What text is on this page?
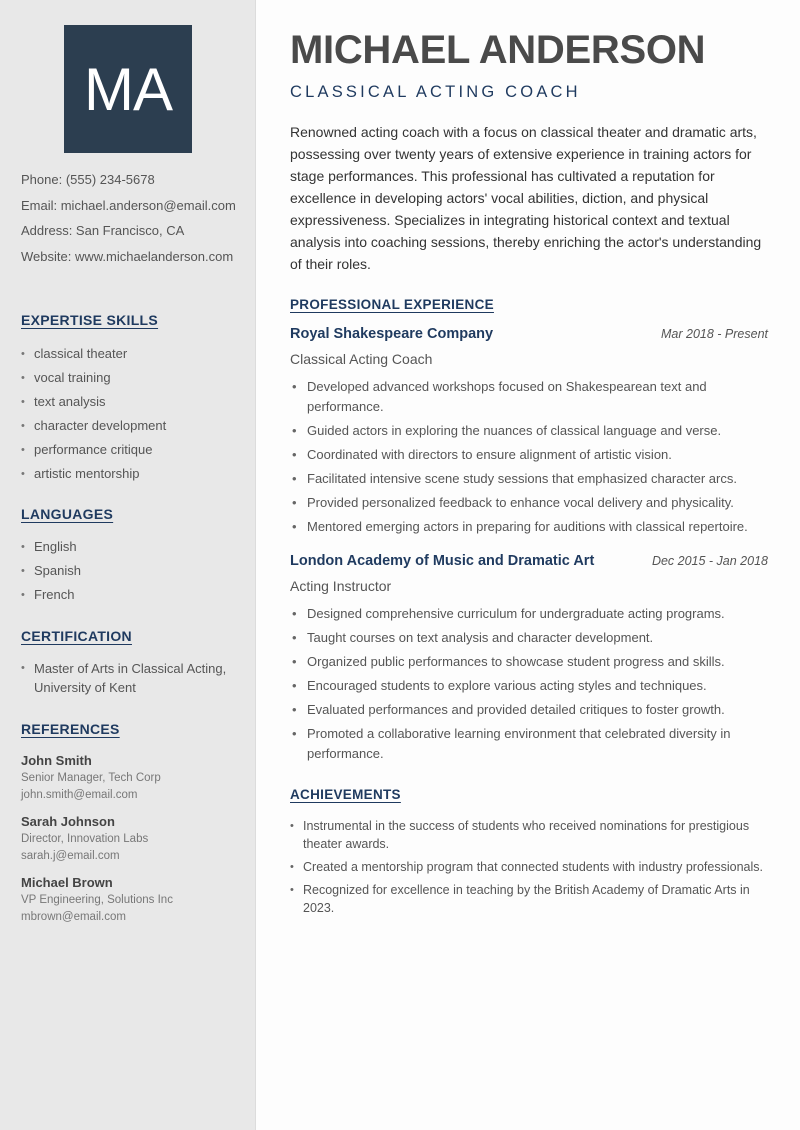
MA
Phone: (555) 234-5678
Email: michael.anderson@email.com
Address: San Francisco, CA
Website: www.michaelanderson.com
EXPERTISE SKILLS
• classical theater
• vocal training
• text analysis
• character development
• performance critique
• artistic mentorship
LANGUAGES
• English
• Spanish
• French
CERTIFICATION
• Master of Arts in Classical Acting, University of Kent
REFERENCES
John Smith
Senior Manager, Tech Corp
john.smith@email.com
Sarah Johnson
Director, Innovation Labs
sarah.j@email.com
Michael Brown
VP Engineering, Solutions Inc
mbrown@email.com
MICHAEL ANDERSON
CLASSICAL ACTING COACH

Renowned acting coach with a focus on classical theater and dramatic arts, possessing over twenty years of extensive experience in training actors for stage performances. This professional has cultivated a reputation for excellence in developing actors' vocal abilities, diction, and physical expressiveness. Specializes in integrating historical context and textual analysis into coaching sessions, thereby enriching the actor's understanding of their roles.

PROFESSIONAL EXPERIENCE
Royal Shakespeare Company	Mar 2018 - Present
Classical Acting Coach
• Developed advanced workshops focused on Shakespearean text and performance.
• Guided actors in exploring the nuances of classical language and verse.
• Coordinated with directors to ensure alignment of artistic vision.
• Facilitated intensive scene study sessions that emphasized character arcs.
• Provided personalized feedback to enhance vocal delivery and physicality.
• Mentored emerging actors in preparing for auditions with classical repertoire.
London Academy of Music and Dramatic Art	Dec 2015 - Jan 2018
Acting Instructor
• Designed comprehensive curriculum for undergraduate acting programs.
• Taught courses on text analysis and character development.
• Organized public performances to showcase student progress and skills.
• Encouraged students to explore various acting styles and techniques.
• Evaluated performances and provided detailed critiques to foster growth.
• Promoted a collaborative learning environment that celebrated diversity in performance.
ACHIEVEMENTS
• Instrumental in the success of students who received nominations for prestigious theater awards.
• Created a mentorship program that connected students with industry professionals.
• Recognized for excellence in teaching by the British Academy of Dramatic Arts in 2023.
